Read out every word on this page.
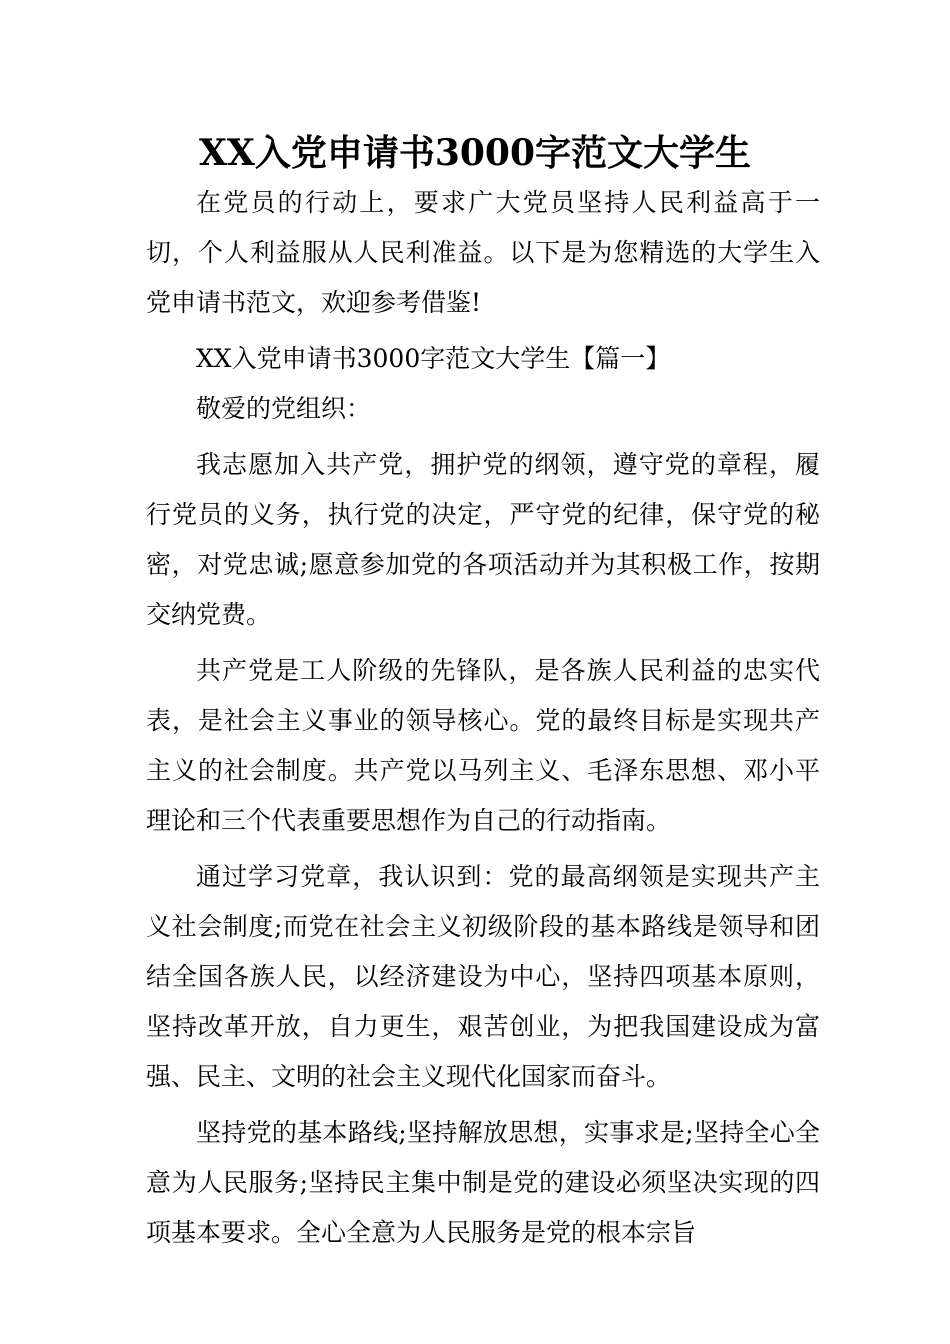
XX入党申请书3000字范文大学生

在党员的行动上，要求广大党员坚持人民利益高于一切，个人利益服从人民利准益。以下是为您精选的大学生入党申请书范文，欢迎参考借鉴!

XX入党申请书3000字范文大学生【篇一】

敬爱的党组织：

我志愿加入共产党，拥护党的纲领，遵守党的章程，履行党员的义务，执行党的决定，严守党的纪律，保守党的秘密，对党忠诚;愿意参加党的各项活动并为其积极工作，按期交纳党费。

共产党是工人阶级的先锋队，是各族人民利益的忠实代表，是社会主义事业的领导核心。党的最终目标是实现共产主义的社会制度。共产党以马列主义、毛泽东思想、邓小平理论和三个代表重要思想作为自己的行动指南。

通过学习党章，我认识到：党的最高纲领是实现共产主义社会制度;而党在社会主义初级阶段的基本路线是领导和团结全国各族人民，以经济建设为中心，坚持四项基本原则，坚持改革开放，自力更生，艰苦创业，为把我国建设成为富强、民主、文明的社会主义现代化国家而奋斗。

坚持党的基本路线;坚持解放思想，实事求是;坚持全心全意为人民服务;坚持民主集中制是党的建设必须坚决实现的四项基本要求。全心全意为人民服务是党的根本宗旨
